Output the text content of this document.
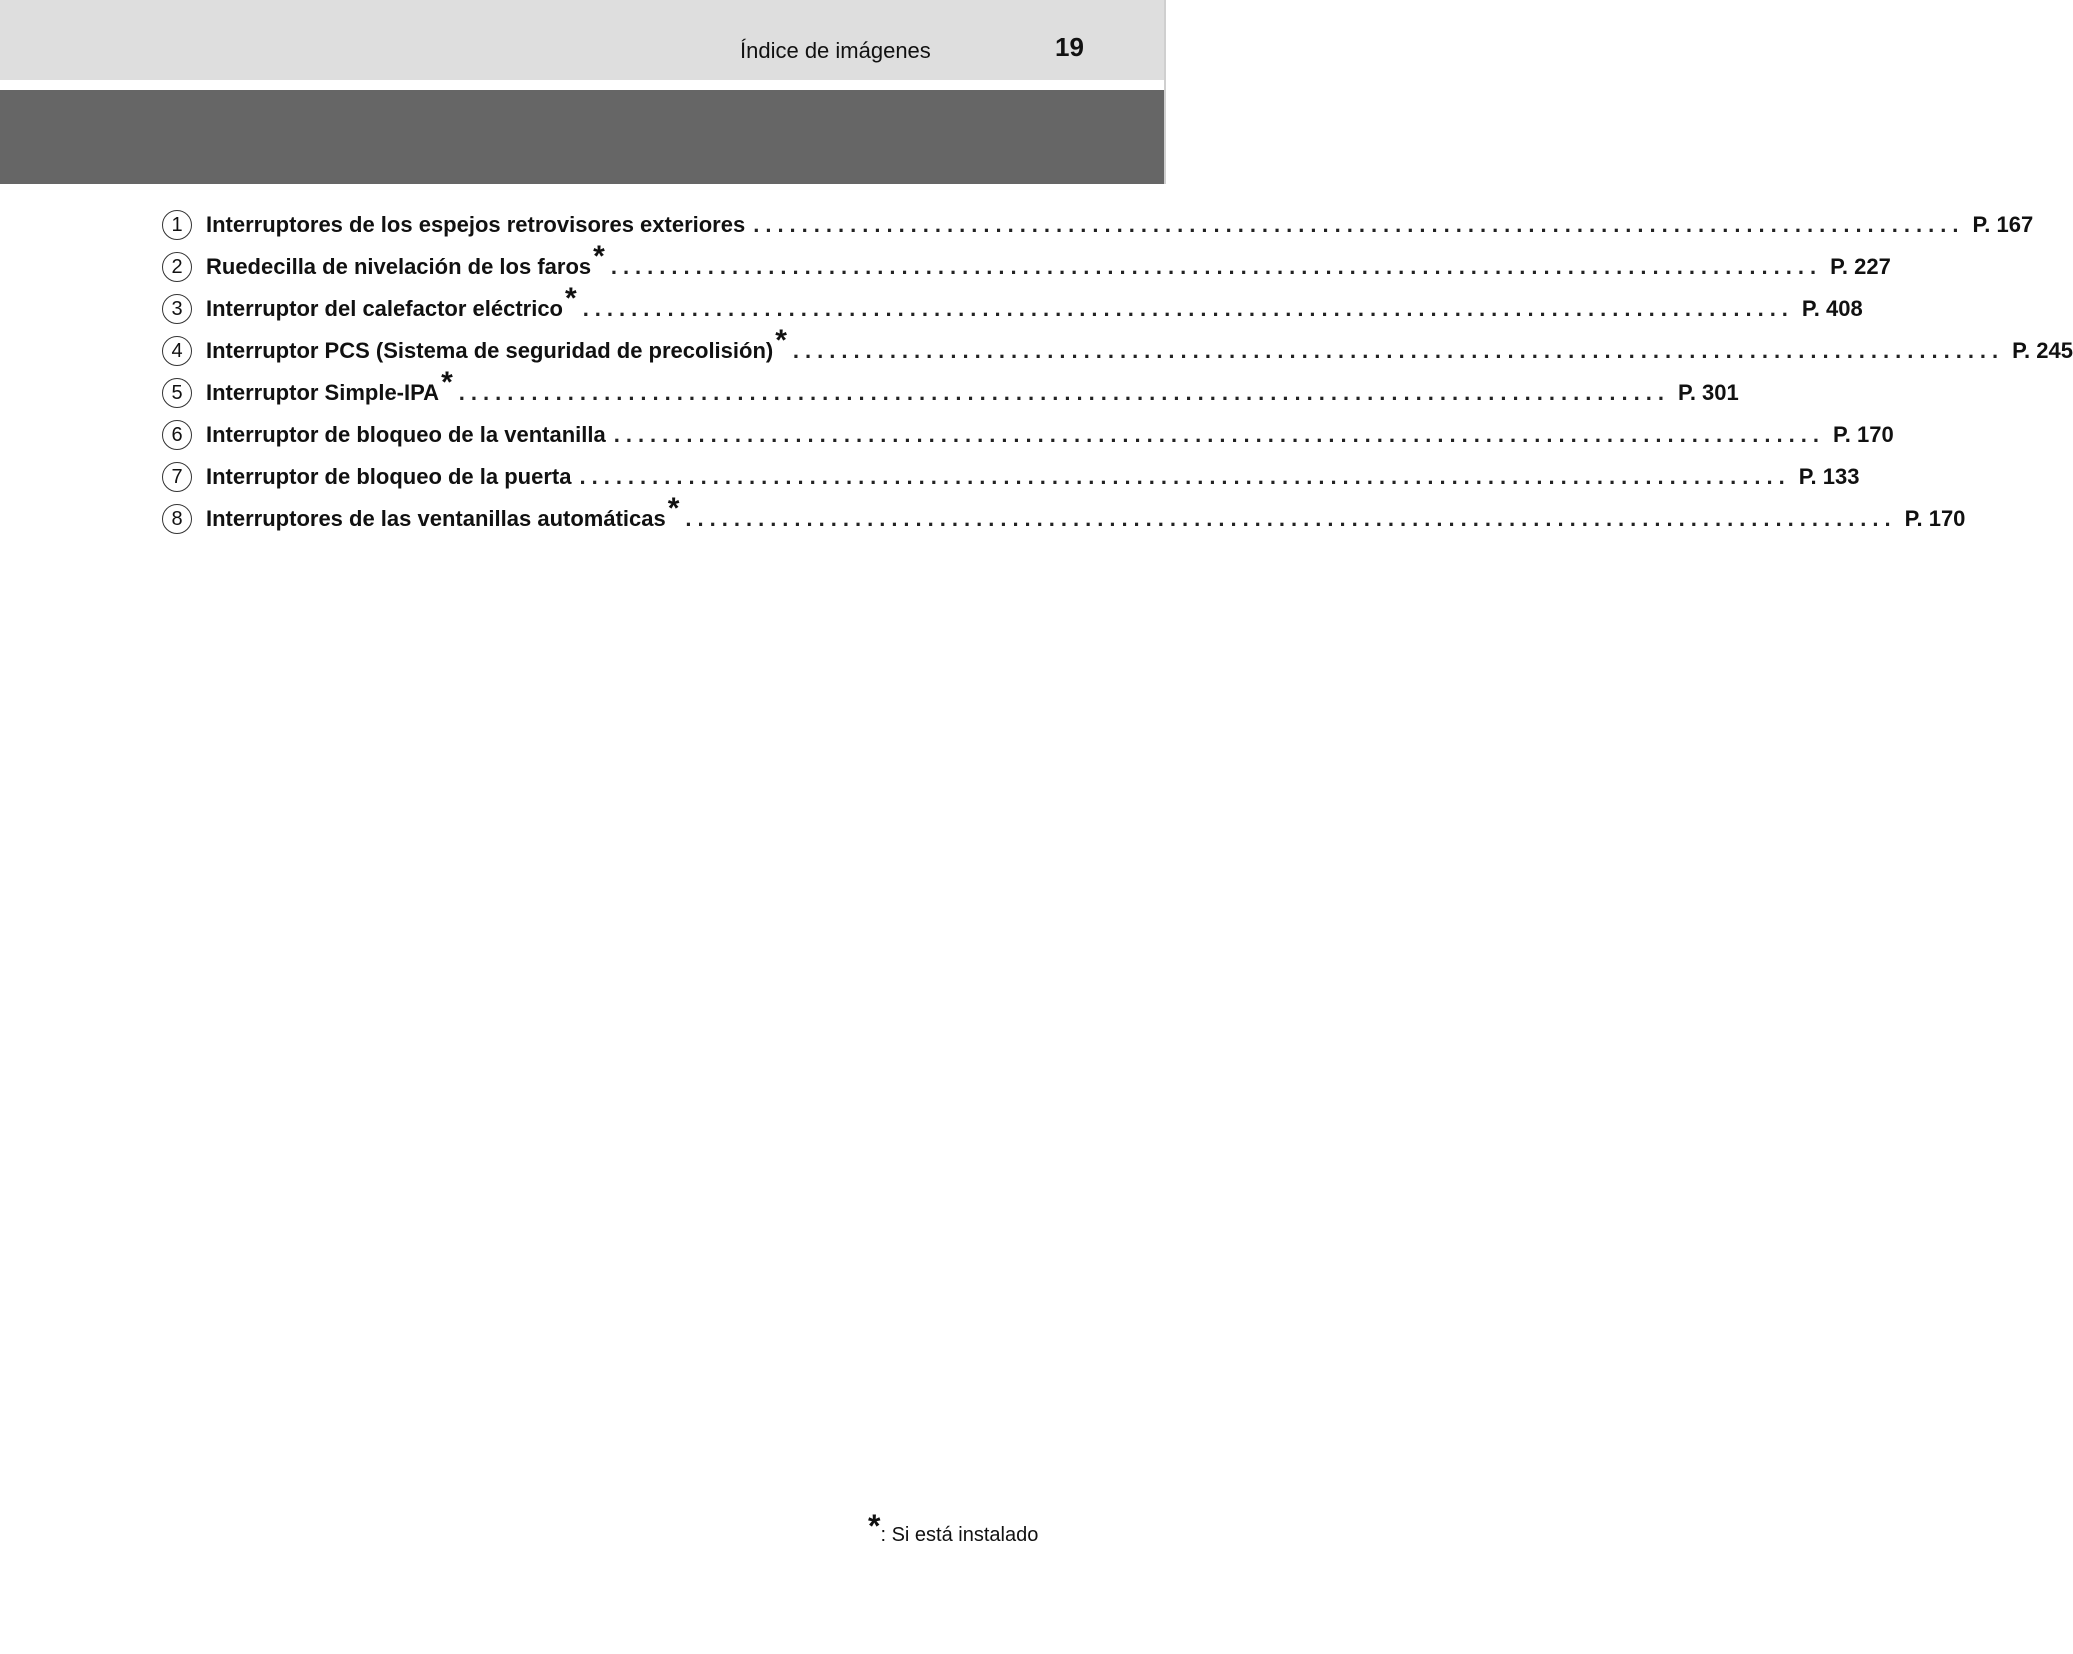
Índice de imágenes	19
1	Interruptores de los espejos retrovisores exteriores .................................................................................................... P. 167
2	Ruedecilla de nivelación de los faros* .................................................................................................... P. 227
3	Interruptor del calefactor eléctrico* .................................................................................................... P. 408
4	Interruptor PCS (Sistema de seguridad de precolisión)* .................................................................................................... P. 245
5	Interruptor Simple-IPA* .................................................................................................... P. 301
6	Interruptor de bloqueo de la ventanilla .................................................................................................... P. 170
7	Interruptor de bloqueo de la puerta .................................................................................................... P. 133
8	Interruptores de las ventanillas automáticas* .................................................................................................... P. 170
*: Si está instalado
